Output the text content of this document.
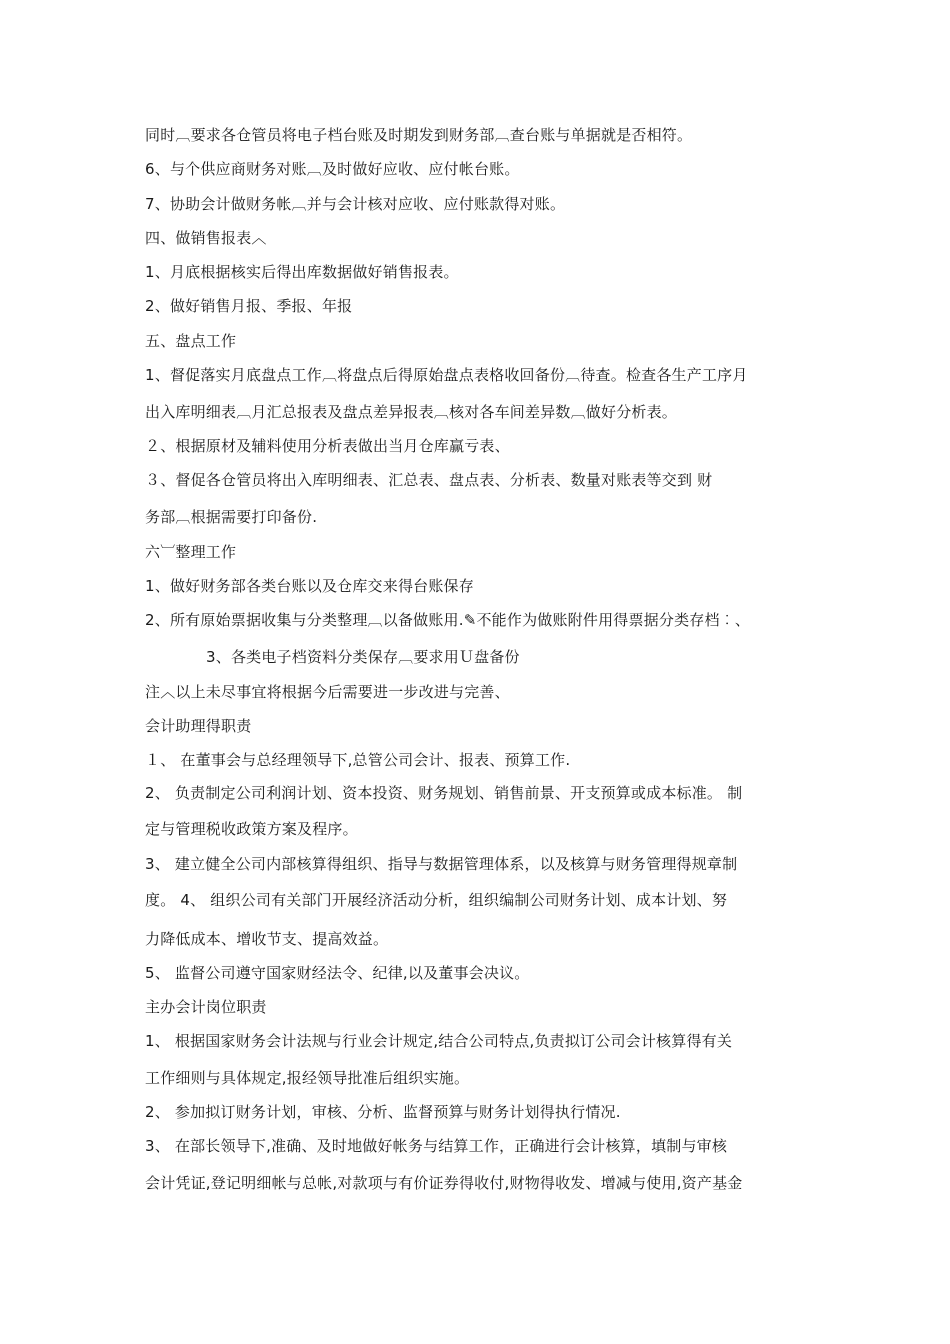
同时︹要求各仓管员将电子档台账及时期发到财务部︹查台账与单据就是否相符。
6、与个供应商财务对账︹及时做好应收、应付帐台账。
7、协助会计做财务帐︹并与会计核对应收、应付账款得对账。
四、做销售报表︿
1、月底根据核实后得出库数据做好销售报表。
2、做好销售月报、季报、年报
五、盘点工作
1、督促落实月底盘点工作︹将盘点后得原始盘点表格收回备份︹待查。检查各生产工序月
出入库明细表︹月汇总报表及盘点差异报表︹核对各车间差异数︹做好分析表。
２、根据原材及辅料使用分析表做出当月仓库赢亏表、
３、督促各仓管员将出入库明细表、汇总表、盘点表、分析表、数量对账表等交到 财
务部︹根据需要打印备份.
六︺整理工作
1、做好财务部各类台账以及仓库交来得台账保存
2、所有原始票据收集与分类整理︹以备做账用.✎不能作为做账附件用得票据分类存档︰、
3、各类电子档资料分类保存︹要求用Ｕ盘备份
注︿以上未尽事宜将根据今后需要进一步改进与完善、
会计助理得职责
１、 在董事会与总经理领导下,总管公司会计、报表、预算工作.
2、 负责制定公司利润计划、资本投资、财务规划、销售前景、开支预算或成本标准。 制
定与管理税收政策方案及程序。
3、 建立健全公司内部核算得组织、指导与数据管理体系，以及核算与财务管理得规章制
度。 4、 组织公司有关部门开展经济活动分析，组织编制公司财务计划、成本计划、努
力降低成本、增收节支、提高效益。
5、 监督公司遵守国家财经法令、纪律,以及董事会决议。
主办会计岗位职责
1、 根据国家财务会计法规与行业会计规定,结合公司特点,负责拟订公司会计核算得有关
工作细则与具体规定,报经领导批准后组织实施。
2、 参加拟订财务计划，审核、分析、监督预算与财务计划得执行情况.
3、 在部长领导下,准确、及时地做好帐务与结算工作，正确进行会计核算，填制与审核
会计凭证,登记明细帐与总帐,对款项与有价证券得收付,财物得收发、增减与使用,资产基金
